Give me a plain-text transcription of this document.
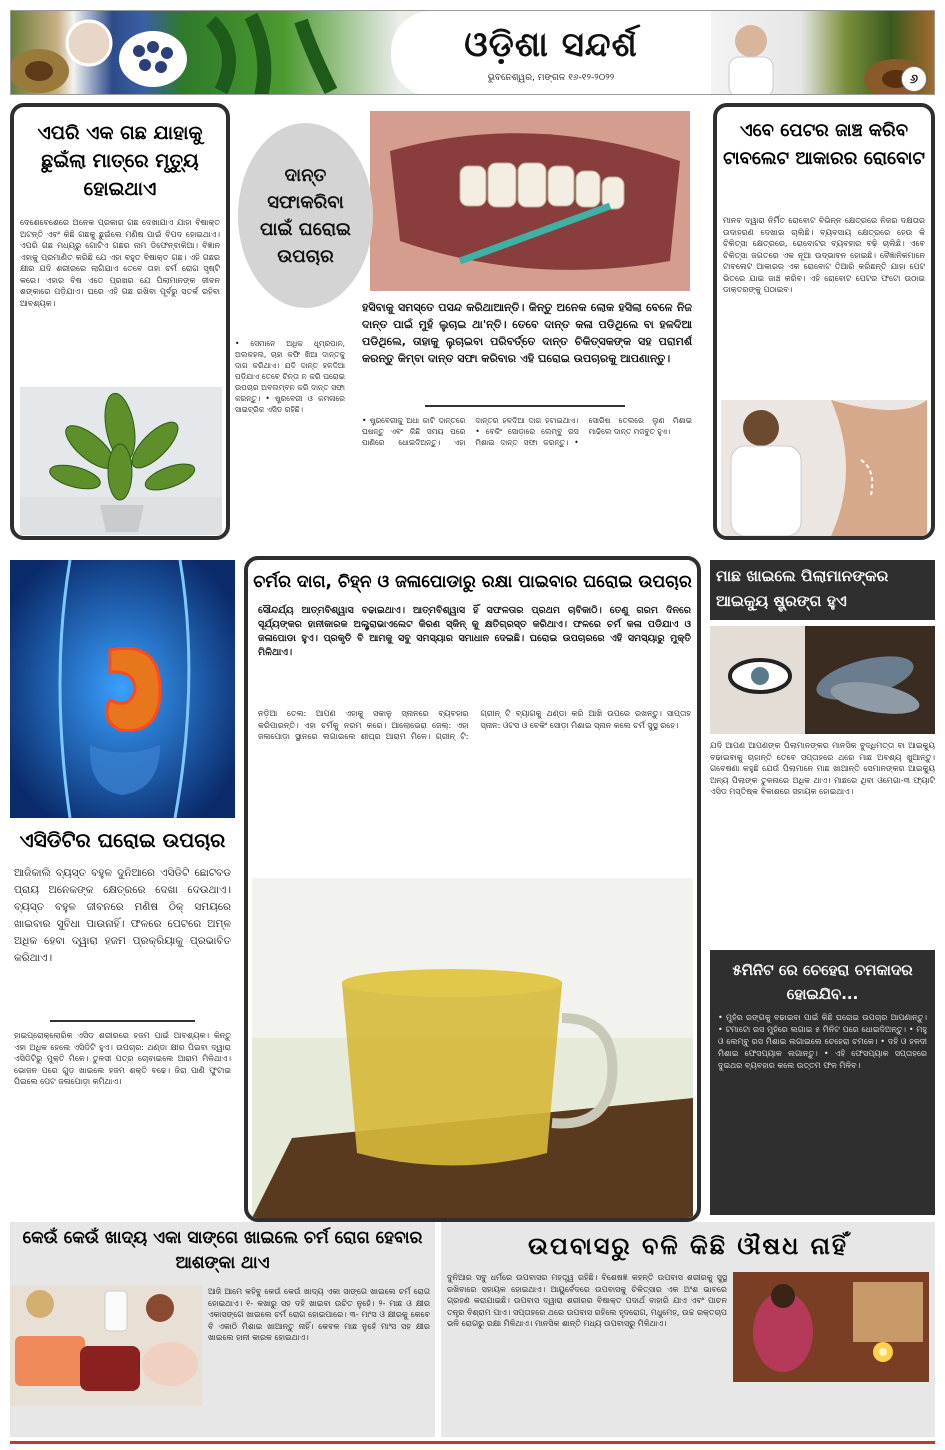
ଓଡ଼ିଶା ସନ୍ଦର୍ଶ
ଭୁବନେଶ୍ୱର, ମଙ୍ଗଳ ୧୬-୧୨-୨୦୨୨	୬
ଏପରି ଏକ ଗଛ ଯାହାକୁ ଛୁଇଁଲା ମାତ୍ରେ ମୃତ୍ୟୁ ହୋଇଥାଏ
ଦେଶେବେଶେରେ ଅନେକ ପ୍ରକାର ଗଛ ଦେଖାଯାଏ ଯାହା ବିଷାକ୍ତ ଅଟନ୍ତି ଏବଂ କିଛି ଗଛକୁ ଛୁଇଁଲେ ମଣିଷ ପାଇଁ ବିପଦ ହୋଇଥାଏ। ଏପରି ଗଛ ମଧ୍ୟରୁ ଗୋଟିଏ ଗଛର ନାମ ଡିଫେନ୍‌ବାକିଆ। ବିଜ୍ଞାନ ଏହାକୁ ପ୍ରମାଣିତ କରିଛି ଯେ ଏହା ବହୁତ ବିଷାକ୍ତ ଗଛ। ଏହି ଗଛର କ୍ଷୀର ଯଦି ଶରୀରରେ ଲାଗିଯାଏ ତେବେ ତାହା ଚର୍ମ ରୋଗ ସୃଷ୍ଟି କରେ। ଏହାର ବିଷ ଏତେ ପ୍ରଖର ଯେ ପିଲାମାନଙ୍କ ଜୀବନ ଶଙ୍କାରେ ପଡ଼ିଯାଏ। ଘରେ ଏହି ଗଛ ରଖିବା ପୂର୍ବରୁ ସତର୍କ ରହିବା ଆବଶ୍ୟକ।
ଦାନ୍ତ ସଫାକରିବା ପାଇଁ ଘରୋଇ ଉପଚାର
• ସେମାନେ ଅଧିକ ଧୂମ୍ରପାନ, ଅଲକହଲ, ଚାହା କଫି ଖିଆ ଦାନ୍ତକୁ ଦାଗ କରିଥାଏ। ଯଦି ଦାନ୍ତ ହଳଦିଆ ପଡ଼ିଯାଏ ତେବେ ଚିନ୍ତା ନ କରି ଘରୋଇ ଉପଚାର ଅବଲମ୍ବନ କରି ଦାନ୍ତ ସଫା କରନ୍ତୁ। • ଷ୍ଟ୍ରବେରୀ ଓ କମଳାରେ ସାଇଟ୍ରିକ ଏସିଡ ରହିଛି।
ହସିବାକୁ ସମସ୍ତେ ପସନ୍ଦ କରିଥାଆନ୍ତି। କିନ୍ତୁ ଅନେକ ଲୋକ ହସିଲା ବେଳେ ନିଜ ଦାନ୍ତ ପାଇଁ ମୁହଁ ଲୁଚାଇ ଥା'ନ୍ତି। ତେବେ ଦାନ୍ତ କଳା ପଡିଥିଲେ ବା ହଳଦିଆ ପଡିଥିଲେ, ତାହାକୁ ଲୁଚାଇବା ପରିବର୍ତ୍ତେ ଦାନ୍ତ ଚିକିତ୍ସକଙ୍କ ସହ ପରାମର୍ଶ କରନ୍ତୁ କିମ୍ବା ଦାନ୍ତ ସଫା କରିବାର ଏହି ଘରୋଇ ଉପଚାରକୁ ଆପଣାନ୍ତୁ।
• ଷ୍ଟ୍ରବେରୀକୁ ଅଧା କାଟି ଦାନ୍ତରେ ଘଷନ୍ତୁ ଏବଂ କିଛି ସମୟ ପରେ ପାଣିରେ ଧୋଇଦିଅନ୍ତୁ। ଏହା ଦାନ୍ତର ହଳଦିଆ ଦାଗ ହଟାଇଥାଏ। • ବେକିଂ ସୋଡ଼ାରେ ଲେମ୍ବୁ ରସ ମିଶାଇ ଦାନ୍ତ ସଫା କରନ୍ତୁ। • ସୋରିଷ ତେଲରେ ଲୁଣ ମିଶାଇ ମାଢିଲେ ଦାନ୍ତ ମଜବୁତ ହୁଏ।
ଏବେ ପେଟର ଜାଞ୍ଚ କରିବ ଟାବଲେଟ ଆକାରର ରୋବୋଟ
ମାନବ ଦ୍ୱାରା ନିର୍ମିତ ରୋବୋଟ ବିଭିନ୍ନ କ୍ଷେତ୍ରରେ ନିଜର ଦକ୍ଷତାର ଉଦାହରଣ ଦେଖାଇ ଚାଲିଛି। ବ୍ୟବସାୟ କ୍ଷେତ୍ରରେ ହେଉ କି ଚିକିତ୍ସା କ୍ଷେତ୍ରରେ, ରୋବୋଟର ବ୍ୟବହାର ବଢ଼ି ଚାଲିଛି। ଏବେ ଚିକିତ୍ସା ଜଗତରେ ଏକ ନୂଆ ଉଦ୍ଭାବନ ହୋଇଛି। ବୈଜ୍ଞାନିକମାନେ ଟାବଲେଟ ଆକାରର ଏକ ରୋବୋଟ ତିଆରି କରିଛନ୍ତି ଯାହା ପେଟ ଭିତରେ ଯାଇ ଜାଞ୍ଚ କରିବ। ଏହି ରୋବୋଟ ପେଟର ଫଟୋ ଉଠାଇ ଡାକ୍ତରଙ୍କୁ ପଠାଇବ।
ଏସିଡିଟିର ଘରୋଇ ଉପଚାର
ଆଜିକାଲି ବ୍ୟସ୍ତ ବହୁଳ ଦୁନିଆରେ ଏସିଡିଟି ଛୋଟବଡ ପ୍ରାୟ ଅନେକଙ୍କ କ୍ଷେତ୍ରରେ ଦେଖା ଦେଉଥାଏ। ବ୍ୟସ୍ତ ବହୁଳ ଜୀବନରେ ମଣିଷ ଠିକ୍ ସମୟରେ ଖାଇବାର ସୁବିଧା ପାଉନାହିଁ। ଫଳରେ ପେଟରେ ଅମ୍ଳ ଅଧିକ ହେବା ଦ୍ୱାରା ହଜମ ପ୍ରକ୍ରିୟାକୁ ପ୍ରଭାବିତ କରିଥାଏ।
ହାଇପ୍ରୋକ୍ଲୋରିକ ଏସିଡ ଶରୀରରେ ହଜମ ପାଇଁ ଆବଶ୍ୟକ। କିନ୍ତୁ ଏହା ଅଧିକ ହେଲେ ଏସିଡିଟି ହୁଏ। ଉପଚାର: ଥଣ୍ଡା କ୍ଷୀର ପିଇବା ଦ୍ୱାରା ଏସିଡିଟିରୁ ମୁକ୍ତି ମିଳେ। ତୁଳସୀ ପତ୍ର ଚୋବାଇଲେ ଆରାମ ମିଳିଥାଏ। ଭୋଜନ ପରେ ଗୁଡ଼ ଖାଇଲେ ହଜମ ଶକ୍ତି ବଢେ। ଜିରା ପାଣି ଫୁଟାଇ ପିଇଲେ ପେଟ ଜଳାପୋଡ଼ା କମିଥାଏ।
ଚର୍ମର ଦାଗ, ଚିହ୍ନ ଓ ଜଳାପୋଡାରୁ ରକ୍ଷା ପାଇବାର ଘରୋଇ ଉପଚାର
ସୌନ୍ଦର୍ଯ୍ୟ ଆତ୍ମବିଶ୍ୱାସ ବଢାଇଥାଏ। ଆତ୍ମବିଶ୍ୱାସ ହିଁ ସଫଳତାର ପ୍ରଥମ ଚାବିକାଠି। ତେଣୁ ଗରମ ଦିନରେ ସୂର୍ଯ୍ୟଙ୍କର ହାନୀକାରକ ଅଲ୍ଟ୍ରାଭାଏଲେଟ କିରଣ ସ୍କିନ୍ କୁ କ୍ଷତିଗ୍ରସ୍ତ କରିଥାଏ। ଫଳରେ ଚର୍ମ କଳା ପଡିଯାଏ ଓ ଜଳାପୋଡା ହୁଏ। ପ୍ରକୃତି ବି ଆମକୁ ସବୁ ସମସ୍ୟାର ସମାଧାନ ଦେଇଛି। ଘରୋଇ ଉପଚାରରେ ଏହି ସମସ୍ୟାରୁ ମୁକ୍ତି ମିଳିଥାଏ।
ନଡ଼ିଆ ତେଲ: ଆପଣ ଏହାକୁ ସକାଳୁ ସ୍ନାନରେ ବ୍ୟବହାର କରିପାରନ୍ତି। ଏହା ଚର୍ମକୁ ନରମ କରେ। ଆଲୋଭେରା ଜେଲ୍: ଏହା ଜଳାପୋଡ଼ା ସ୍ଥାନରେ ଲଗାଇଲେ ଶୀଘ୍ର ଆରାମ ମିଳେ। ଗ୍ରୀନ୍ ଟି: ଗ୍ରୀନ୍ ଟି ବ୍ୟାଗକୁ ଥଣ୍ଡା କରି ଆଖି ଉପରେ ରଖନ୍ତୁ। ସାପ୍ତାହ ସ୍ନାନ: ଓଟସ ଓ ବେକିଂ ସୋଡ଼ା ମିଶାଇ ସ୍ନାନ କଲେ ଚର୍ମ ସୁସ୍ଥ ରହେ।
ମାଛ ଖାଇଲେ ପିଲାମାନଙ୍କର ଆଇକ୍ୟୁ ଷ୍ଟ୍ରଙ୍ଗ ହୁଏ
ଯଦି ଆପଣ ଆପଣଙ୍କ ପିଲାମାନଙ୍କର ମାନସିକ ବୁଦ୍ଧିମତ୍ତା ବା ଆଇକ୍ୟୁ ବଢାଇବାକୁ ଚାହାନ୍ତି ତେବେ ସପ୍ତାହରେ ଥରେ ମାଛ ଅବଶ୍ୟ ଖୁଆନ୍ତୁ। ଗବେଷଣା କହୁଛି ଯେଉଁ ପିଲାମାନେ ମାଛ ଖାଆନ୍ତି ସେମାନଙ୍କର ଆଇକ୍ୟୁ ଅନ୍ୟ ପିଲାଙ୍କ ତୁଳନାରେ ଅଧିକ ଥାଏ। ମାଛରେ ଥିବା ଓମେଗା-୩ ଫ୍ୟାଟି ଏସିଡ ମସ୍ତିଷ୍କ ବିକାଶରେ ସହାୟକ ହୋଇଥାଏ।
୫ମିନିଟ ରେ ଚେହେରା ଚମକାଦର ହୋଇଯିବ...
• ମୁହଁର ରଙ୍ଗକୁ ବଢାଇବା ପାଇଁ କିଛି ଘରୋଇ ଉପଚାର ଆପଣାନ୍ତୁ। • ଟମାଟୋ ରସ ମୁହଁରେ ଲଗାଇ ୫ ମିନିଟ ପରେ ଧୋଇଦିଅନ୍ତୁ। • ମହୁ ଓ ଲେମ୍ବୁ ରସ ମିଶାଇ ଲଗାଇଲେ ଚେହେରା ଚମକେ। • ଦହି ଓ ହଳଦୀ ମିଶାଇ ଫେସପ୍ୟାକ ଲଗାନ୍ତୁ। • ଏହି ଫେସପ୍ୟାକ ସପ୍ତାହରେ ଦୁଇଥର ବ୍ୟବହାର କଲେ ଉତ୍ତମ ଫଳ ମିଳିବ।
କେଉଁ କେଉଁ ଖାଦ୍ୟ ଏକା ସାଙ୍ଗେ ଖାଇଲେ ଚର୍ମ ରୋଗ ହେବାର ଆଶଙ୍କା ଥାଏ
ଆଜି ଆମେ କହିବୁ କେଉଁ କେଉଁ ଖାଦ୍ୟ ଏକା ସାଙ୍ଗେ ଖାଇଲେ ଚର୍ମ ରୋଗ ହୋଇଥାଏ। ୧- କଖାରୁ ସହ ଦହି ଖାଇବା ଉଚିତ ନୁହେଁ। ୨- ମାଛ ଓ କ୍ଷୀର ଏକାସଙ୍ଗେ ଖାଇଲେ ଚର୍ମ ରୋଗ ହୋଇପାରେ। ୩- ମାଂସ ଓ କ୍ଷୀରକୁ କେବେ ବି ଏକାଠି ମିଶାଇ ଖାଆନ୍ତୁ ନାହିଁ। କେବଳ ମାଛ ନୁହେଁ ମାଂସ ସହ କ୍ଷୀର ଖାଇଲେ ହାନୀ କାରକ ହୋଇଥାଏ।
ଉପବାସରୁ ବଳି କିଛି ଔଷଧ ନାହିଁ
ଦୁନିଆର ସବୁ ଧର୍ମରେ ଉପବାସର ମହତ୍ତ୍ୱ ରହିଛି। ବିଶେଷଜ୍ଞ କହନ୍ତି ଉପବାସ ଶରୀରକୁ ସୁସ୍ଥ ରଖିବାରେ ସହାୟକ ହୋଇଥାଏ। ଆୟୁର୍ବେଦରେ ଉପବାସକୁ ଚିକିତ୍ସାର ଏକ ଅଂଶ ଭାବରେ ଗ୍ରହଣ କରାଯାଇଛି। ଉପବାସ ଦ୍ୱାରା ଶରୀରର ବିଷାକ୍ତ ପଦାର୍ଥ ବାହାରି ଯାଏ ଏବଂ ପାଚନ ତନ୍ତ୍ର ବିଶ୍ରାମ ପାଏ। ସପ୍ତାହରେ ଥରେ ଉପବାସ ରହିଲେ ହୃଦରୋଗ, ମଧୁମେହ, ଉଚ୍ଚ ରକ୍ତଚାପ ଭଳି ରୋଗରୁ ରକ୍ଷା ମିଳିଥାଏ। ମାନସିକ ଶାନ୍ତି ମଧ୍ୟ ଉପବାସରୁ ମିଳିଥାଏ।
